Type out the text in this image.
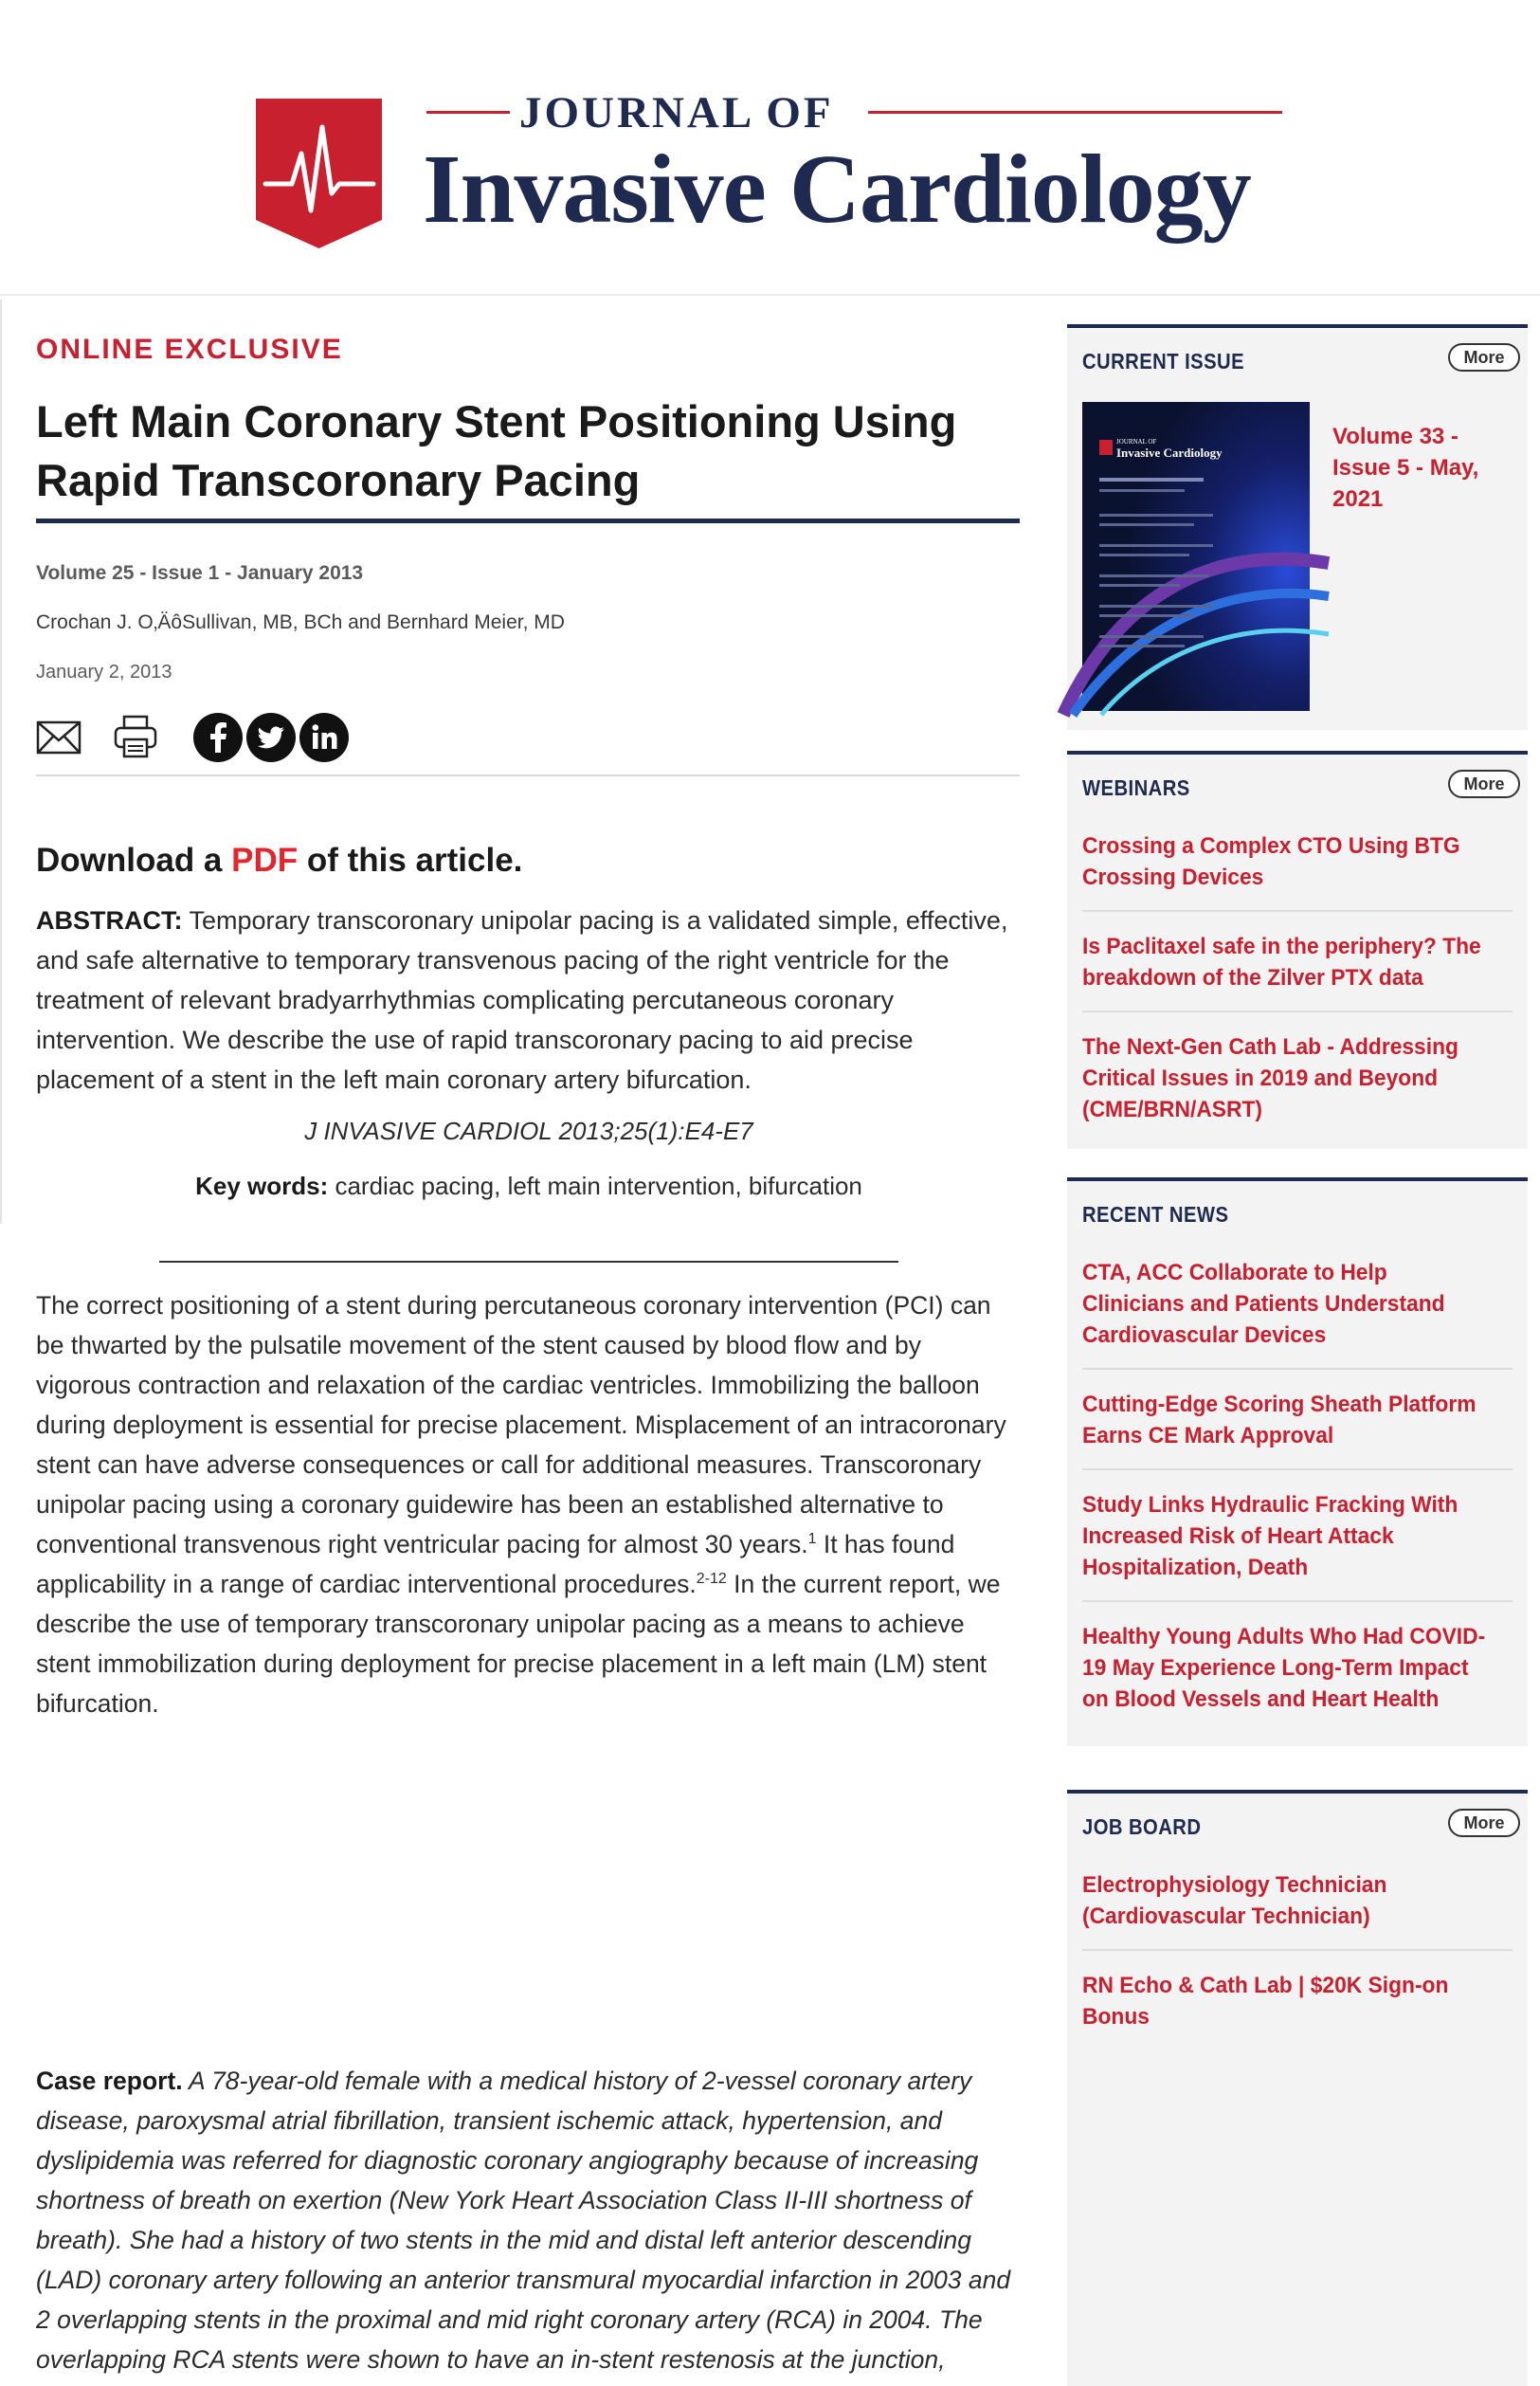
JOURNAL OF
Invasive Cardiology
ONLINE EXCLUSIVE
Left Main Coronary Stent Positioning Using Rapid Transcoronary Pacing
Volume 25 - Issue 1 - January 2013
Crochan J. O‚ÄôSullivan, MB, BCh and Bernhard Meier, MD
January 2, 2013
Download a PDF of this article.

ABSTRACT: Temporary transcoronary unipolar pacing is a validated simple, effective, and safe alternative to temporary transvenous pacing of the right ventricle for the treatment of relevant bradyarrhythmias complicating percutaneous coronary intervention. We describe the use of rapid transcoronary pacing to aid precise placement of a stent in the left main coronary artery bifurcation.

J INVASIVE CARDIOL 2013;25(1):E4-E7

Key words: cardiac pacing, left main intervention, bifurcation

The correct positioning of a stent during percutaneous coronary intervention (PCI) can be thwarted by the pulsatile movement of the stent caused by blood flow and by vigorous contraction and relaxation of the cardiac ventricles. Immobilizing the balloon during deployment is essential for precise placement. Misplacement of an intracoronary stent can have adverse consequences or call for additional measures. Transcoronary unipolar pacing using a coronary guidewire has been an established alternative to conventional transvenous right ventricular pacing for almost 30 years.$^1$ It has found applicability in a range of cardiac interventional procedures.$^{2-12}$ In the current report, we describe the use of temporary transcoronary unipolar pacing as a means to achieve stent immobilization during deployment for precise placement in a left main (LM) stent bifurcation.

Case report. A 78-year-old female with a medical history of 2-vessel coronary artery disease, paroxysmal atrial fibrillation, transient ischemic attack, hypertension, and dyslipidemia was referred for diagnostic coronary angiography because of increasing shortness of breath on exertion (New York Heart Association Class II-III shortness of breath). She had a history of two stents in the mid and distal left anterior descending (LAD) coronary artery following an anterior transmural myocardial infarction in 2003 and 2 overlapping stents in the proximal and mid right coronary artery (RCA) in 2004. The overlapping RCA stents were shown to have an in-stent restenosis at the junction,

CURRENT ISSUE	More
JOURNAL OF
Invasive Cardiology
Volume 33 - Issue 5 - May, 2021
WEBINARS	More
Crossing a Complex CTO Using BTG Crossing Devices
Is Paclitaxel safe in the periphery? The breakdown of the Zilver PTX data
The Next-Gen Cath Lab - Addressing Critical Issues in 2019 and Beyond (CME/BRN/ASRT)
RECENT NEWS
CTA, ACC Collaborate to Help Clinicians and Patients Understand Cardiovascular Devices
Cutting-Edge Scoring Sheath Platform Earns CE Mark Approval
Study Links Hydraulic Fracking With Increased Risk of Heart Attack Hospitalization, Death
Healthy Young Adults Who Had COVID-19 May Experience Long-Term Impact on Blood Vessels and Heart Health
JOB BOARD	More
Electrophysiology Technician (Cardiovascular Technician)
RN Echo & Cath Lab | $20K Sign-on Bonus
